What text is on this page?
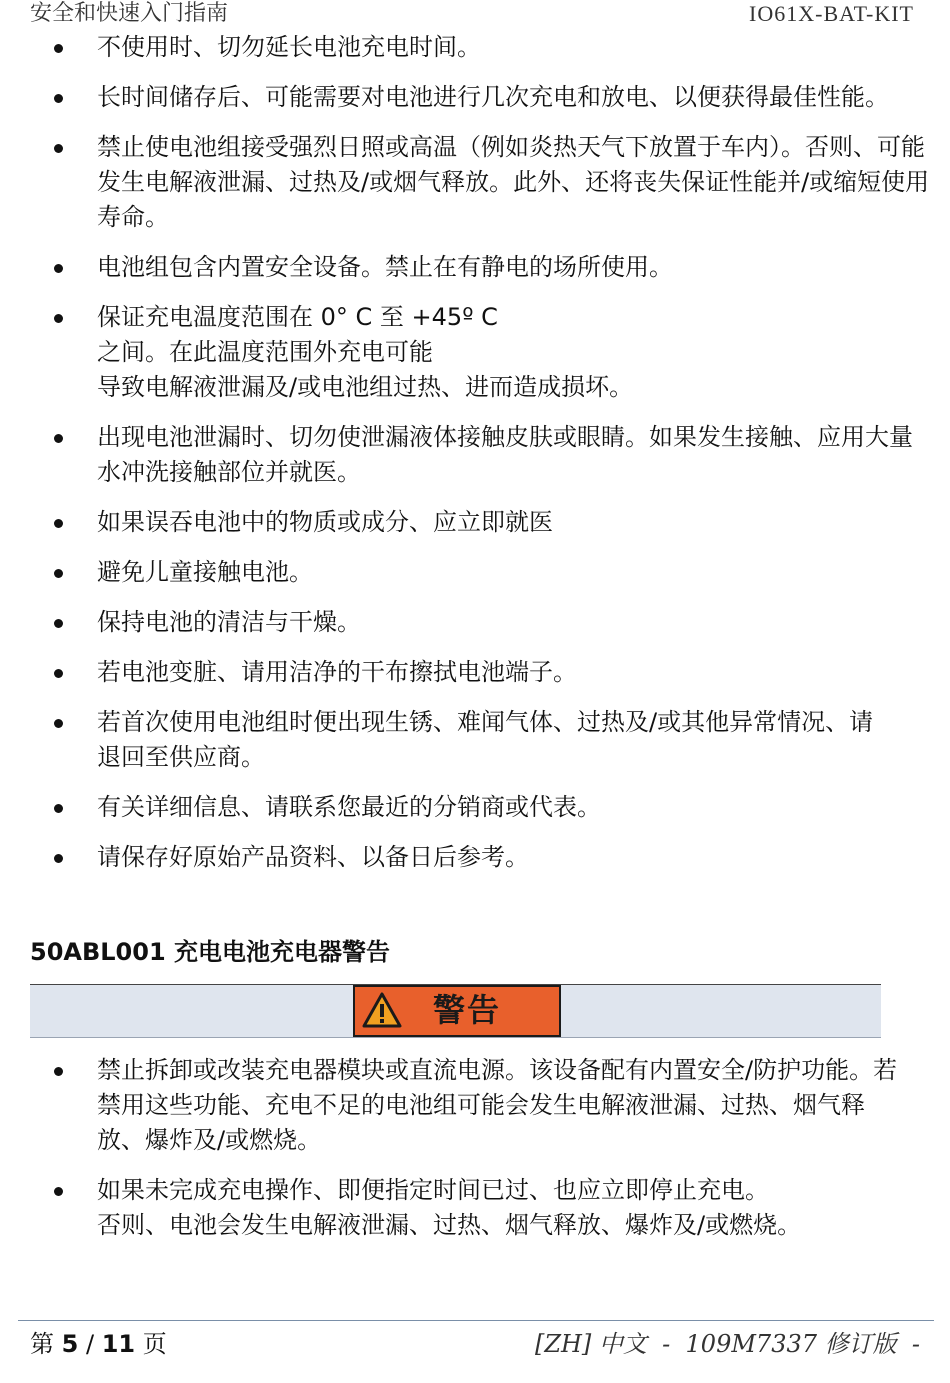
安全和快速入门指南	IO61X-BAT-KIT
不使用时、切勿延长电池充电时间。
长时间储存后、可能需要对电池进行几次充电和放电、以便获得最佳性能。
禁止使电池组接受强烈日照或高温（例如炎热天气下放置于车内）。否则、可能发生电解液泄漏、过热及/或烟气释放。此外、还将丧失保证性能并/或缩短使用寿命。
电池组包含内置安全设备。禁止在有静电的场所使用。
保证充电温度范围在 0° C 至 +45º C
之间。在此温度范围外充电可能
导致电解液泄漏及/或电池组过热、进而造成损坏。
出现电池泄漏时、切勿使泄漏液体接触皮肤或眼睛。如果发生接触、应用大量水冲洗接触部位并就医。
如果误吞电池中的物质或成分、应立即就医
避免儿童接触电池。
保持电池的清洁与干燥。
若电池变脏、请用洁净的干布擦拭电池端子。
若首次使用电池组时便出现生锈、难闻气体、过热及/或其他异常情况、请退回至供应商。
有关详细信息、请联系您最近的分销商或代表。
请保存好原始产品资料、以备日后参考。
50ABL001 充电电池充电器警告
警告
禁止拆卸或改装充电器模块或直流电源。该设备配有内置安全/防护功能。若禁用这些功能、充电不足的电池组可能会发生电解液泄漏、过热、烟气释放、爆炸及/或燃烧。
如果未完成充电操作、即便指定时间已过、也应立即停止充电。
否则、电池会发生电解液泄漏、过热、烟气释放、爆炸及/或燃烧。
第 5 / 11 页	[ZH] 中文  -  109M7337 修订版  -
